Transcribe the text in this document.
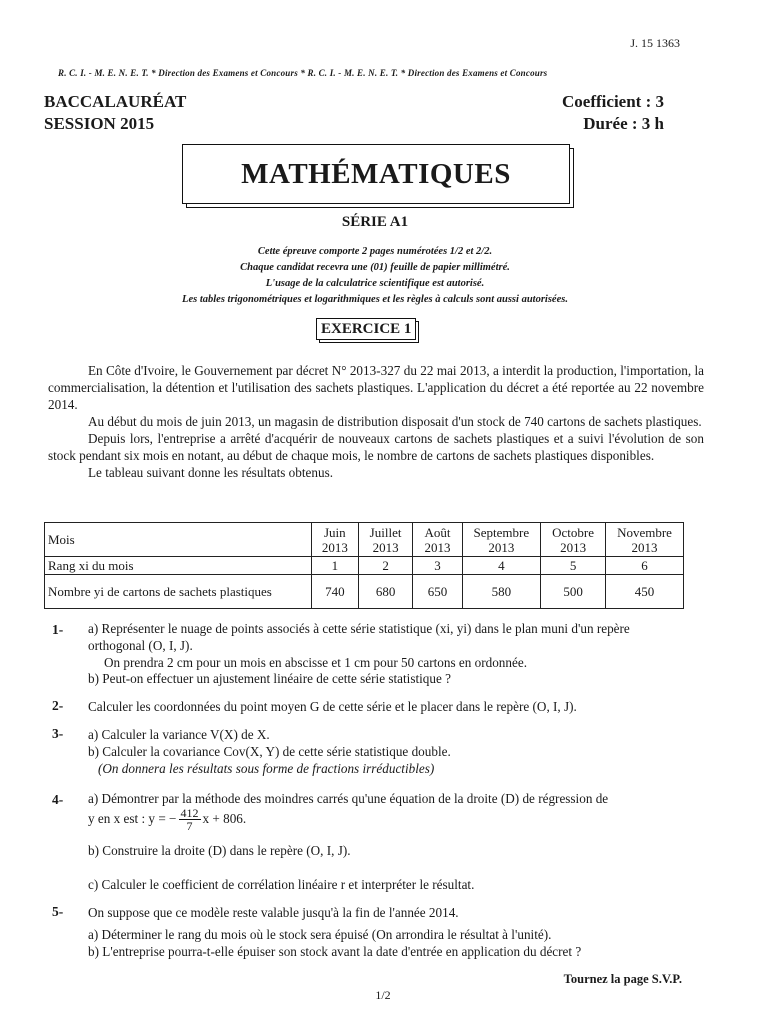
J. 15 1363
R. C. I. - M. E. N. E. T. * Direction des Examens et Concours * R. C. I. - M. E. N. E. T. * Direction des Examens et Concours
BACCALAURÉAT
SESSION 2015
Coefficient : 3
Durée : 3 h
MATHÉMATIQUES
SÉRIE A1
Cette épreuve comporte 2 pages numérotées 1/2 et 2/2.
Chaque candidat recevra une (01) feuille de papier millimétré.
L'usage de la calculatrice scientifique est autorisé.
Les tables trigonométriques et logarithmiques et les règles à calculs sont aussi autorisées.
EXERCICE 1

En Côte d'Ivoire, le Gouvernement par décret N° 2013-327 du 22 mai 2013, a interdit la production, l'importation, la commercialisation, la détention et l'utilisation des sachets plastiques. L'application du décret a été reportée au 22 novembre 2014.

Au début du mois de juin 2013, un magasin de distribution disposait d'un stock de 740 cartons de sachets plastiques.

Depuis lors, l'entreprise a arrêté d'acquérir de nouveaux cartons de sachets plastiques et a suivi l'évolution de son stock pendant six mois en notant, au début de chaque mois, le nombre de cartons de sachets plastiques disponibles.

Le tableau suivant donne les résultats obtenus.

Mois	Juin 2013	Juillet 2013	Août 2013	Septembre 2013	Octobre 2013	Novembre 2013
Rang xi du mois	1	2	3	4	5	6
Nombre yi de cartons de sachets plastiques	740	680	650	580	500	450
1- a) Représenter le nuage de points associés à cette série statistique (xi, yi) dans le plan muni d'un repère orthogonal (O, I, J).
On prendra 2 cm pour un mois en abscisse et 1 cm pour 50 cartons en ordonnée.
b) Peut-on effectuer un ajustement linéaire de cette série statistique ?
2- Calculer les coordonnées du point moyen G de cette série et le placer dans le repère (O, I, J).
3- a) Calculer la variance V(X) de X.
b) Calculer la covariance Cov(X, Y) de cette série statistique double.
(On donnera les résultats sous forme de fractions irréductibles)
4- a) Démontrer par la méthode des moindres carrés qu'une équation de la droite (D) de régression de
y en x est : y = − $\frac{412}{7}$ x + 806.
b) Construire la droite (D) dans le repère (O, I, J).
c) Calculer le coefficient de corrélation linéaire r et interpréter le résultat.
5- On suppose que ce modèle reste valable jusqu'à la fin de l'année 2014.
a) Déterminer le rang du mois où le stock sera épuisé (On arrondira le résultat à l'unité).
b) L'entreprise pourra-t-elle épuiser son stock avant la date d'entrée en application du décret ?
Tournez la page S.V.P.
1/2
